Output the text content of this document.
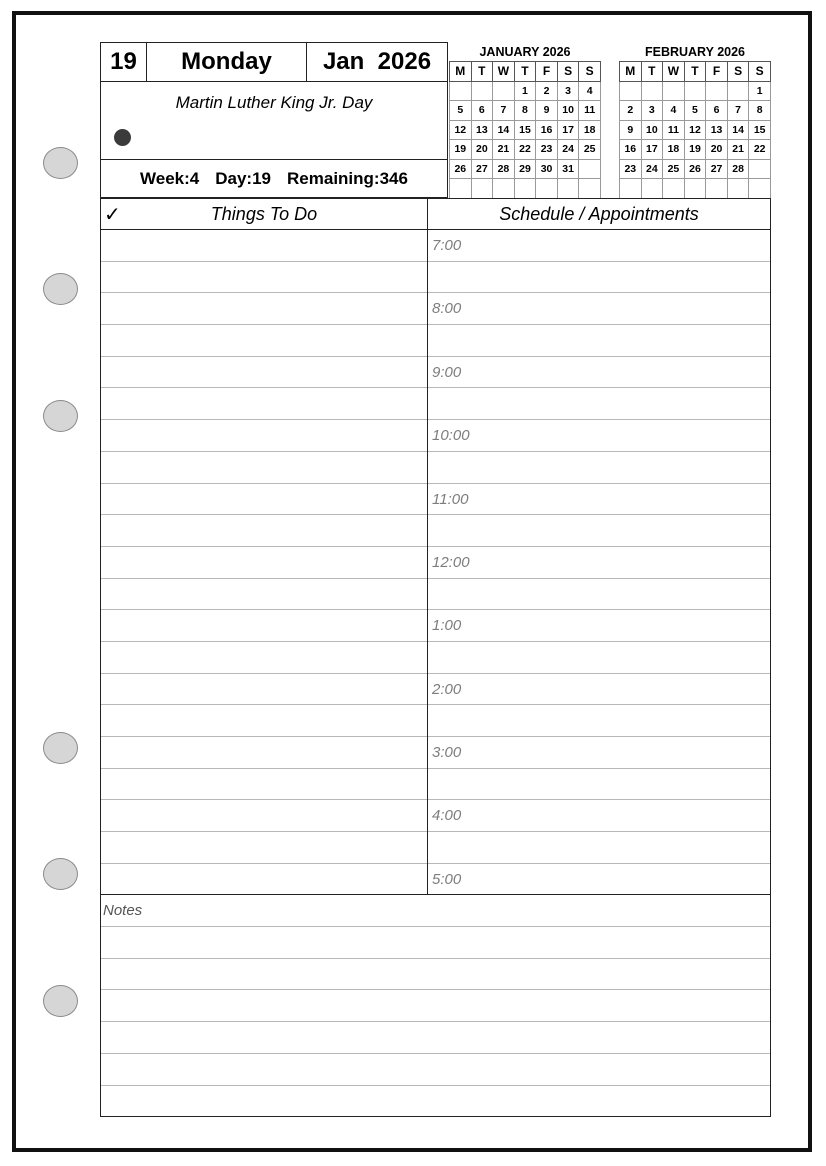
19	Monday	Jan  2026
Martin Luther King Jr. Day
Week:4 Day:19 Remaining:346
JANUARY 2026
M	T	W	T	F	S	S
			1	2	3	4
5	6	7	8	9	10	11
12	13	14	15	16	17	18
19	20	21	22	23	24	25
26	27	28	29	30	31	

FEBRUARY 2026
M	T	W	T	F	S	S
						1
2	3	4	5	6	7	8
9	10	11	12	13	14	15
16	17	18	19	20	21	22
23	24	25	26	27	28	

✓	Things To Do	Schedule / Appointments
7:00
8:00
9:00
10:00
11:00
12:00
1:00
2:00
3:00
4:00
5:00
Notes
